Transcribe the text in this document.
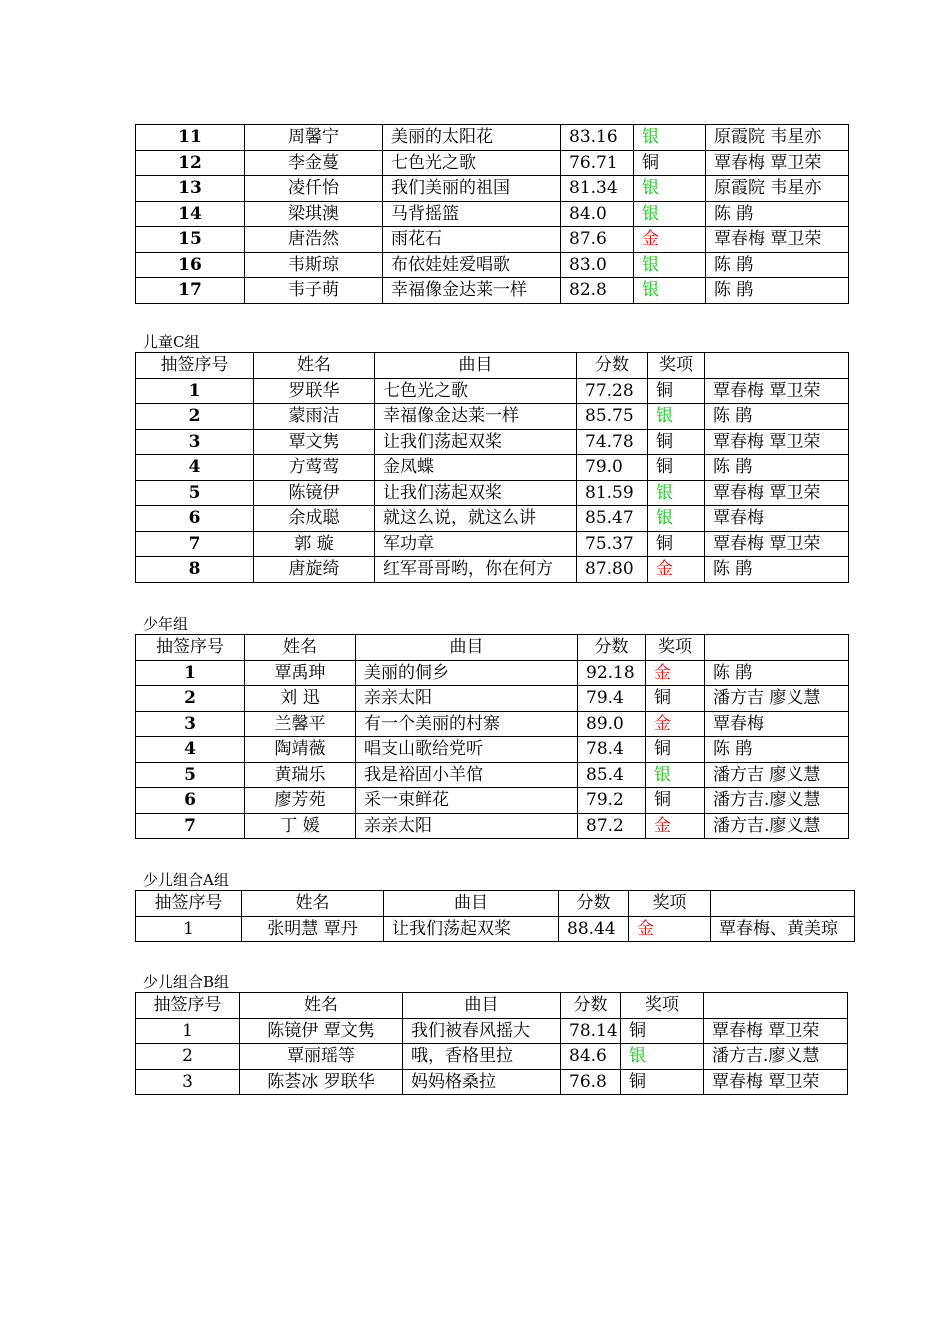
11	周馨宁	美丽的太阳花	83.16	银	原霞院 韦星亦
12	李金蔓	七色光之歌	76.71	铜	覃春梅 覃卫荣
13	凌仟怡	我们美丽的祖国	81.34	银	原霞院 韦星亦
14	梁琪澳	马背摇篮	84.0	银	陈 鹃
15	唐浩然	雨花石	87.6	金	覃春梅 覃卫荣
16	韦斯琼	布依娃娃爱唱歌	83.0	银	陈 鹃
17	韦子萌	幸福像金达莱一样	82.8	银	陈 鹃
儿童C组
抽签序号	姓名	曲目	分数	奖项	
1	罗联华	七色光之歌	77.28	铜	覃春梅 覃卫荣
2	蒙雨洁	幸福像金达莱一样	85.75	银	陈 鹃
3	覃文隽	让我们荡起双桨	74.78	铜	覃春梅 覃卫荣
4	方莺莺	金凤蝶	79.0	铜	陈 鹃
5	陈镜伊	让我们荡起双桨	81.59	银	覃春梅 覃卫荣
6	余成聪	就这么说，就这么讲	85.47	银	覃春梅
7	郭 璇	军功章	75.37	铜	覃春梅 覃卫荣
8	唐旋绮	红军哥哥哟，你在何方	87.80	金	陈 鹃
少年组
抽签序号	姓名	曲目	分数	奖项	
1	覃禹珅	美丽的侗乡	92.18	金	陈 鹃
2	刘 迅	亲亲太阳	79.4	铜	潘方吉 廖义慧
3	兰馨平	有一个美丽的村寨	89.0	金	覃春梅
4	陶靖薇	唱支山歌给党听	78.4	铜	陈 鹃
5	黄瑞乐	我是裕固小羊倌	85.4	银	潘方吉 廖义慧
6	廖芳苑	采一束鲜花	79.2	铜	潘方吉.廖义慧
7	丁 媛	亲亲太阳	87.2	金	潘方吉.廖义慧
少儿组合A组
抽签序号	姓名	曲目	分数	奖项	
1	张明慧 覃丹	让我们荡起双桨	88.44	金	覃春梅、黄美琼
少儿组合B组
抽签序号	姓名	曲目	分数	奖项	
1	陈镜伊 覃文隽	我们被春风摇大	78.14	铜	覃春梅 覃卫荣
2	覃丽瑶等	哦，香格里拉	84.6	银	潘方吉.廖义慧
3	陈荟冰 罗联华	妈妈格桑拉	76.8	铜	覃春梅 覃卫荣
